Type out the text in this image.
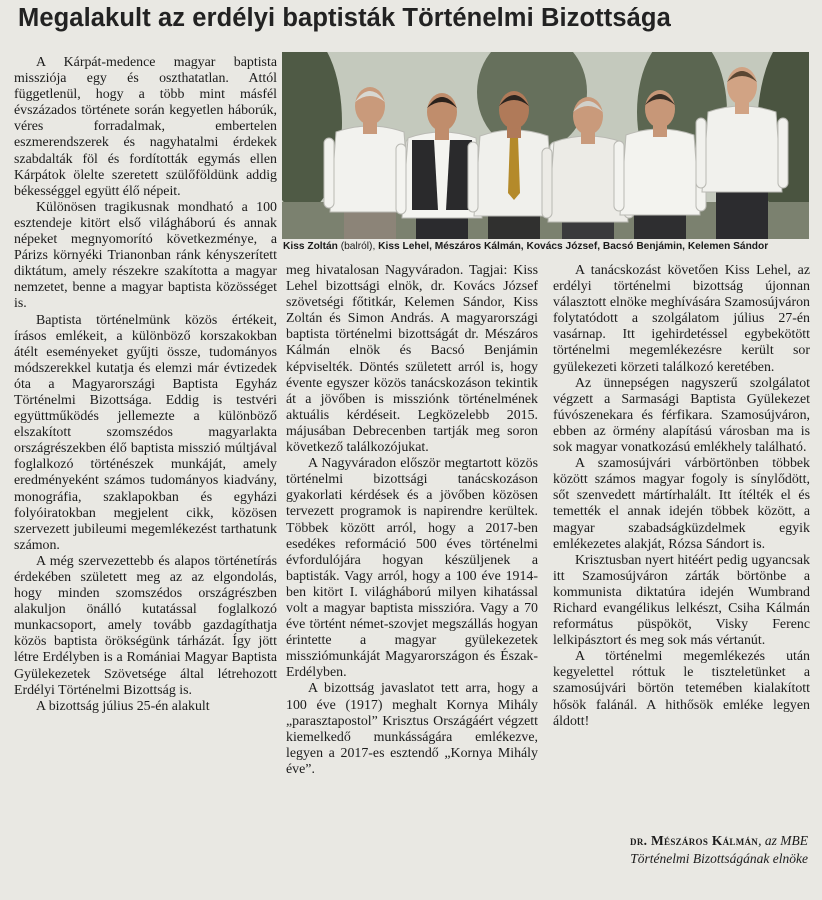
Megalakult az erdélyi baptisták Történelmi Bizottsága
Kiss Zoltán (balról), Kiss Lehel, Mészáros Kálmán, Kovács József, Bacsó Benjámin, Kelemen Sándor

A Kárpát-medence magyar baptista missziója egy és oszthatatlan. Attól függetlenül, hogy a több mint másfél évszázados története során kegyetlen háborúk, véres forradalmak, embertelen eszmerendszerek és nagyhatalmi érdekek szabdalták föl és fordították egymás ellen Kárpátok ölelte szeretett szülőföldünk addig békességgel együtt élő népeit.

Különösen tragikusnak mondható a 100 esztendeje kitört első világháború és annak népeket megnyomorító következménye, a Párizs környéki Trianonban ránk kényszerített diktátum, amely részekre szakította a magyar nemzetet, benne a magyar baptista közösséget is.

Baptista történelmünk közös értékeit, írásos emlékeit, a különböző korszakokban átélt eseményeket gyűjti össze, tudományos módszerekkel kutatja és elemzi már évtizedek óta a Magyarországi Baptista Egyház Történelmi Bizottsága. Eddig is testvéri együttműködés jellemezte a különböző elszakított szomszédos magyarlakta országrészekben élő baptista misszió múltjával foglalkozó történészek munkáját, amely eredményeként számos tudományos kiadvány, monográfia, szaklapokban és egyházi folyóiratokban megjelent cikk, közösen szervezett jubileumi megemlékezést tarthatunk számon.

A még szervezettebb és alapos történetírás érdekében született meg az az elgondolás, hogy minden szomszédos országrészben alakuljon önálló kutatással foglalkozó munkacsoport, amely tovább gazdagíthatja közös baptista örökségünk tárházát. Így jött létre Erdélyben is a Romániai Magyar Baptista Gyülekezetek Szövetsége által létrehozott Erdélyi Történelmi Bizottság is.

A bizottság július 25-én alakult

meg hivatalosan Nagyváradon. Tagjai: Kiss Lehel bizottsági elnök, dr. Kovács József szövetségi főtitkár, Kelemen Sándor, Kiss Zoltán és Simon András. A magyarországi baptista történelmi bizottságát dr. Mészáros Kálmán elnök és Bacsó Benjámin képviselték. Döntés született arról is, hogy évente egyszer közös tanácskozáson tekintik át a jövőben is missziónk történelmének aktuális kérdéseit. Legközelebb 2015. májusában Debrecenben tartják meg soron következő találkozójukat.

A Nagyváradon először megtartott közös történelmi bizottsági tanácskozáson gyakorlati kérdések és a jövőben közösen tervezett programok is napirendre kerültek. Többek között arról, hogy a 2017-ben esedékes reformáció 500 éves történelmi évfordulójára hogyan készüljenek a baptisták. Vagy arról, hogy a 100 éve 1914-ben kitört I. világháború milyen kihatással volt a magyar baptista misszióra. Vagy a 70 éve történt német-szovjet megszállás hogyan érintette a magyar gyülekezetek missziómunkáját Magyarországon és Észak-Erdélyben.

A bizottság javaslatot tett arra, hogy a 100 éve (1917) meghalt Kornya Mihály „parasztapostol” Krisztus Országáért végzett kiemelkedő munkásságára emlékezve, legyen a 2017-es esztendő „Kornya Mihály éve”.

A tanácskozást követően Kiss Lehel, az erdélyi történelmi bizottság újonnan választott elnöke meghívására Szamosújváron folytatódott a szolgálatom július 27-én vasárnap. Itt igehirdetéssel egybekötött történelmi megemlékezésre került sor gyülekezeti körzeti találkozó keretében.

Az ünnepségen nagyszerű szolgálatot végzett a Sarmasági Baptista Gyülekezet fúvószenekara és férfikara. Szamosújváron, ebben az örmény alapítású városban ma is sok magyar vonatkozású emlékhely található.

A szamosújvári várbörtönben többek között számos magyar fogoly is sínylődött, sőt szenvedett mártírhalált. Itt ítélték el és temették el annak idején többek között, a magyar szabadságküzdelmek egyik emlékezetes alakját, Rózsa Sándort is.

Krisztusban nyert hitéért pedig ugyancsak itt Szamosújváron zárták börtönbe a kommunista diktatúra idején Wumbrand Richard evangélikus lelkészt, Csiha Kálmán református püspököt, Visky Ferenc lelkipásztort és meg sok más vértanút.

A történelmi megemlékezés után kegyelettel róttuk le tiszteletünket a szamosújvári börtön tetemében kialakított hősök falánál. A hithősök emléke legyen áldott!

dr. Mészáros Kálmán, az MBE
Történelmi Bizottságának elnöke
